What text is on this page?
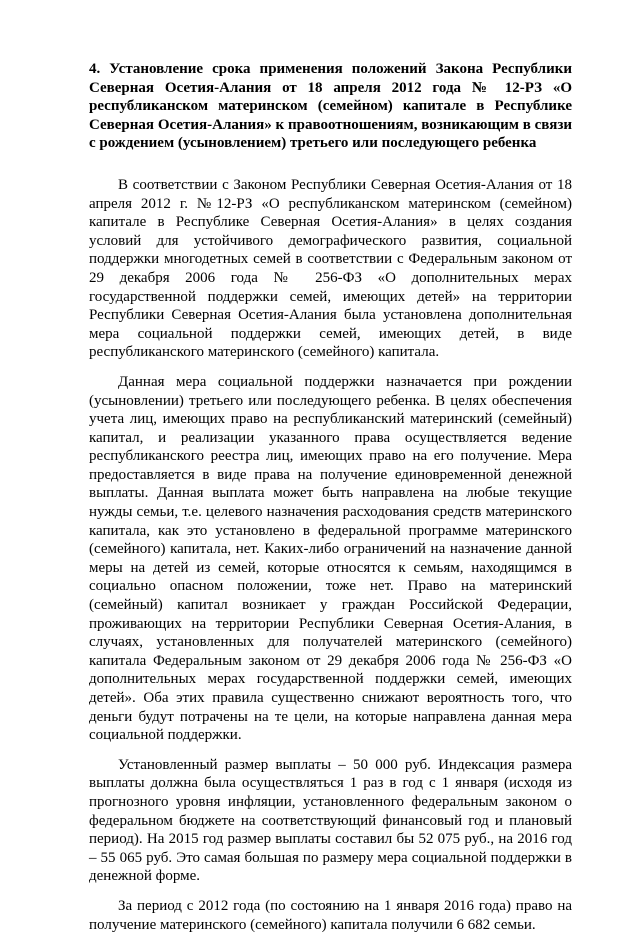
4. Установление срока применения положений Закона Республики Северная Осетия-Алания от 18 апреля 2012 года № 12-РЗ «О республиканском материнском (семейном) капитале в Республике Северная Осетия-Алания» к правоотношениям, возникающим в связи с рождением (усыновлением) третьего или последующего ребенка

В соответствии с Законом Республики Северная Осетия-Алания от 18 апреля 2012 г. №12-РЗ «О республиканском материнском (семейном) капитале в Республике Северная Осетия-Алания» в целях создания условий для устойчивого демографического развития, социальной поддержки многодетных семей в соответствии с Федеральным законом от 29 декабря 2006 года № 256-ФЗ «О дополнительных мерах государственной поддержки семей, имеющих детей» на территории Республики Северная Осетия-Алания была установлена дополнительная мера социальной поддержки семей, имеющих детей, в виде республиканского материнского (семейного) капитала.

Данная мера социальной поддержки назначается при рождении (усыновлении) третьего или последующего ребенка. В целях обеспечения учета лиц, имеющих право на республиканский материнский (семейный) капитал, и реализации указанного права осуществляется ведение республиканского реестра лиц, имеющих право на его получение. Мера предоставляется в виде права на получение единовременной денежной выплаты. Данная выплата может быть направлена на любые текущие нужды семьи, т.е. целевого назначения расходования средств материнского капитала, как это установлено в федеральной программе материнского (семейного) капитала, нет. Каких-либо ограничений на назначение данной меры на детей из семей, которые относятся к семьям, находящимся в социально опасном положении, тоже нет. Право на материнский (семейный) капитал возникает у граждан Российской Федерации, проживающих на территории Республики Северная Осетия-Алания, в случаях, установленных для получателей материнского (семейного) капитала Федеральным законом от 29 декабря 2006 года № 256-ФЗ «О дополнительных мерах государственной поддержки семей, имеющих детей». Оба этих правила существенно снижают вероятность того, что деньги будут потрачены на те цели, на которые направлена данная мера социальной поддержки.

Установленный размер выплаты – 50 000 руб. Индексация размера выплаты должна была осуществляться 1 раз в год с 1 января (исходя из прогнозного уровня инфляции, установленного федеральным законом о федеральном бюджете на соответствующий финансовый год и плановый период). На 2015 год размер выплаты составил бы 52 075 руб., на 2016 год – 55 065 руб. Это самая большая по размеру мера социальной поддержки в денежной форме.

За период с 2012 года (по состоянию на 1 января 2016 года) право на получение материнского (семейного) капитала получили 6 682 семьи.
